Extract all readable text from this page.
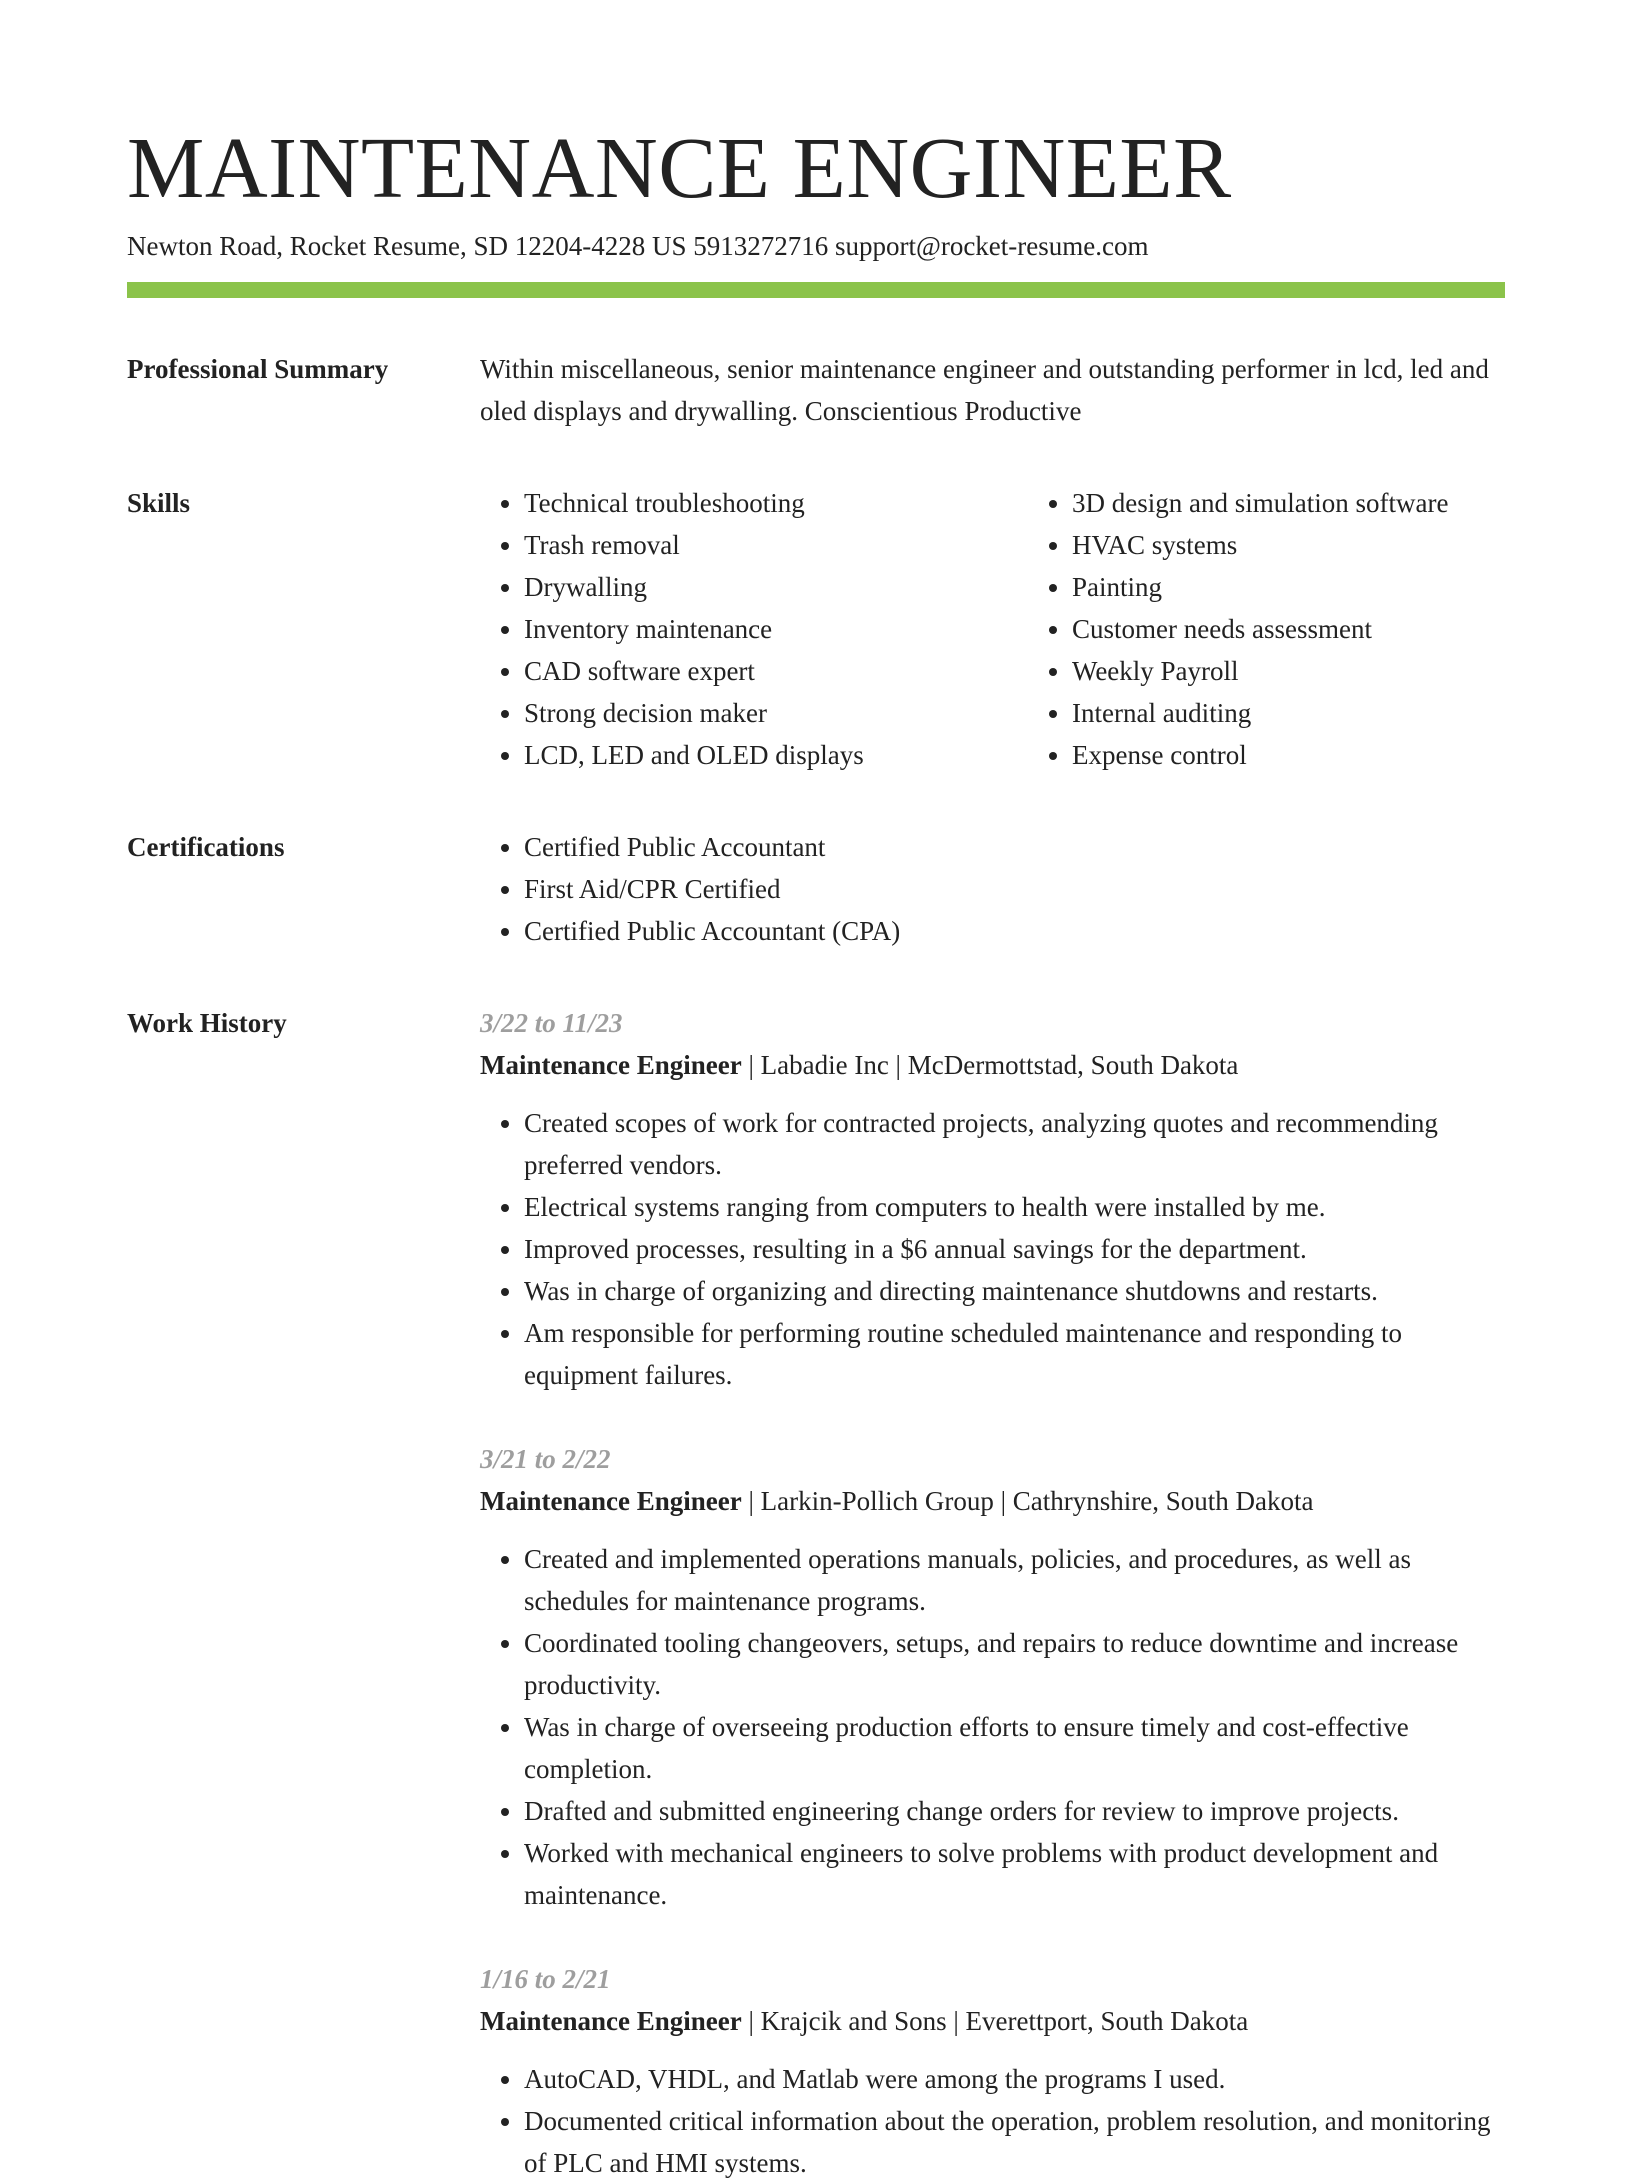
MAINTENANCE ENGINEER
Newton Road, Rocket Resume, SD 12204-4228 US 5913272716 support@rocket-resume.com
Professional Summary	Within miscellaneous, senior maintenance engineer and outstanding performer in lcd, led and oled displays and drywalling. Conscientious Productive

Skills	• Technical troubleshooting
• Trash removal
• Drywalling
• Inventory maintenance
• CAD software expert
• Strong decision maker
• LCD, LED and OLED displays
• 3D design and simulation software
• HVAC systems
• Painting
• Customer needs assessment
• Weekly Payroll
• Internal auditing
• Expense control
Certifications	• Certified Public Accountant
• First Aid/CPR Certified
• Certified Public Accountant (CPA)
Work History	3/22 to 11/23
Maintenance Engineer | Labadie Inc | McDermottstad, South Dakota
• Created scopes of work for contracted projects, analyzing quotes and recommending preferred vendors.
• Electrical systems ranging from computers to health were installed by me.
• Improved processes, resulting in a $6 annual savings for the department.
• Was in charge of organizing and directing maintenance shutdowns and restarts.
• Am responsible for performing routine scheduled maintenance and responding to equipment failures.
3/21 to 2/22
Maintenance Engineer | Larkin-Pollich Group | Cathrynshire, South Dakota
• Created and implemented operations manuals, policies, and procedures, as well as schedules for maintenance programs.
• Coordinated tooling changeovers, setups, and repairs to reduce downtime and increase productivity.
• Was in charge of overseeing production efforts to ensure timely and cost-effective completion.
• Drafted and submitted engineering change orders for review to improve projects.
• Worked with mechanical engineers to solve problems with product development and maintenance.
1/16 to 2/21
Maintenance Engineer | Krajcik and Sons | Everettport, South Dakota
• AutoCAD, VHDL, and Matlab were among the programs I used.
• Documented critical information about the operation, problem resolution, and monitoring of PLC and HMI systems.
